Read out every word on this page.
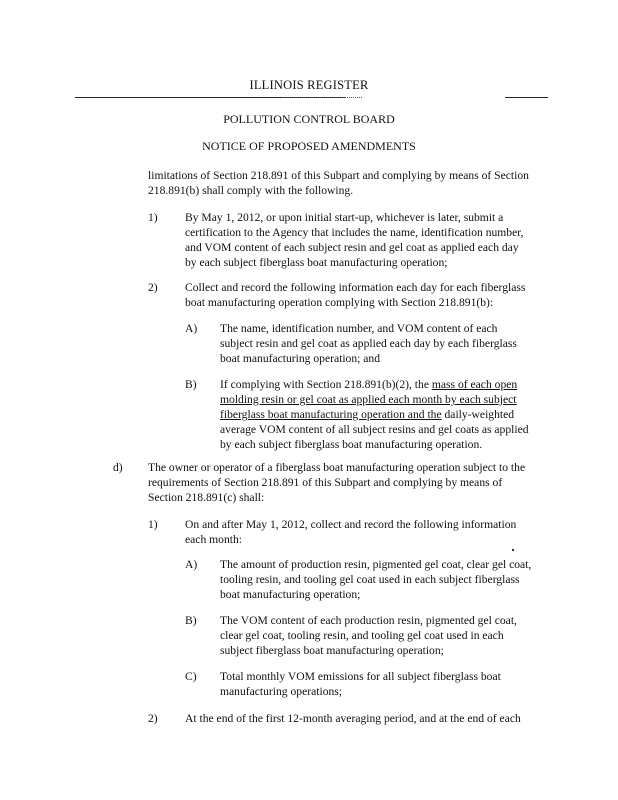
ILLINOIS REGISTER
POLLUTION CONTROL BOARD
NOTICE OF PROPOSED AMENDMENTS
limitations of Section 218.891 of this Subpart and complying by means of Section
218.891(b) shall comply with the following.
1) By May 1, 2012, or upon initial start-up, whichever is later, submit a
certification to the Agency that includes the name, identification number,
and VOM content of each subject resin and gel coat as applied each day
by each subject fiberglass boat manufacturing operation;
2) Collect and record the following information each day for each fiberglass
boat manufacturing operation complying with Section 218.891(b):
A) The name, identification number, and VOM content of each
subject resin and gel coat as applied each day by each fiberglass
boat manufacturing operation; and
B) If complying with Section 218.891(b)(2), the mass of each open
molding resin or gel coat as applied each month by each subject
fiberglass boat manufacturing operation and the daily-weighted
average VOM content of all subject resins and gel coats as applied
by each subject fiberglass boat manufacturing operation.
d) The owner or operator of a fiberglass boat manufacturing operation subject to the
requirements of Section 218.891 of this Subpart and complying by means of
Section 218.891(c) shall:
1) On and after May 1, 2012, collect and record the following information
each month:
A) The amount of production resin, pigmented gel coat, clear gel coat,
tooling resin, and tooling gel coat used in each subject fiberglass
boat manufacturing operation;
B) The VOM content of each production resin, pigmented gel coat,
clear gel coat, tooling resin, and tooling gel coat used in each
subject fiberglass boat manufacturing operation;
C) Total monthly VOM emissions for all subject fiberglass boat
manufacturing operations;
2) At the end of the first 12-month averaging period, and at the end of each
